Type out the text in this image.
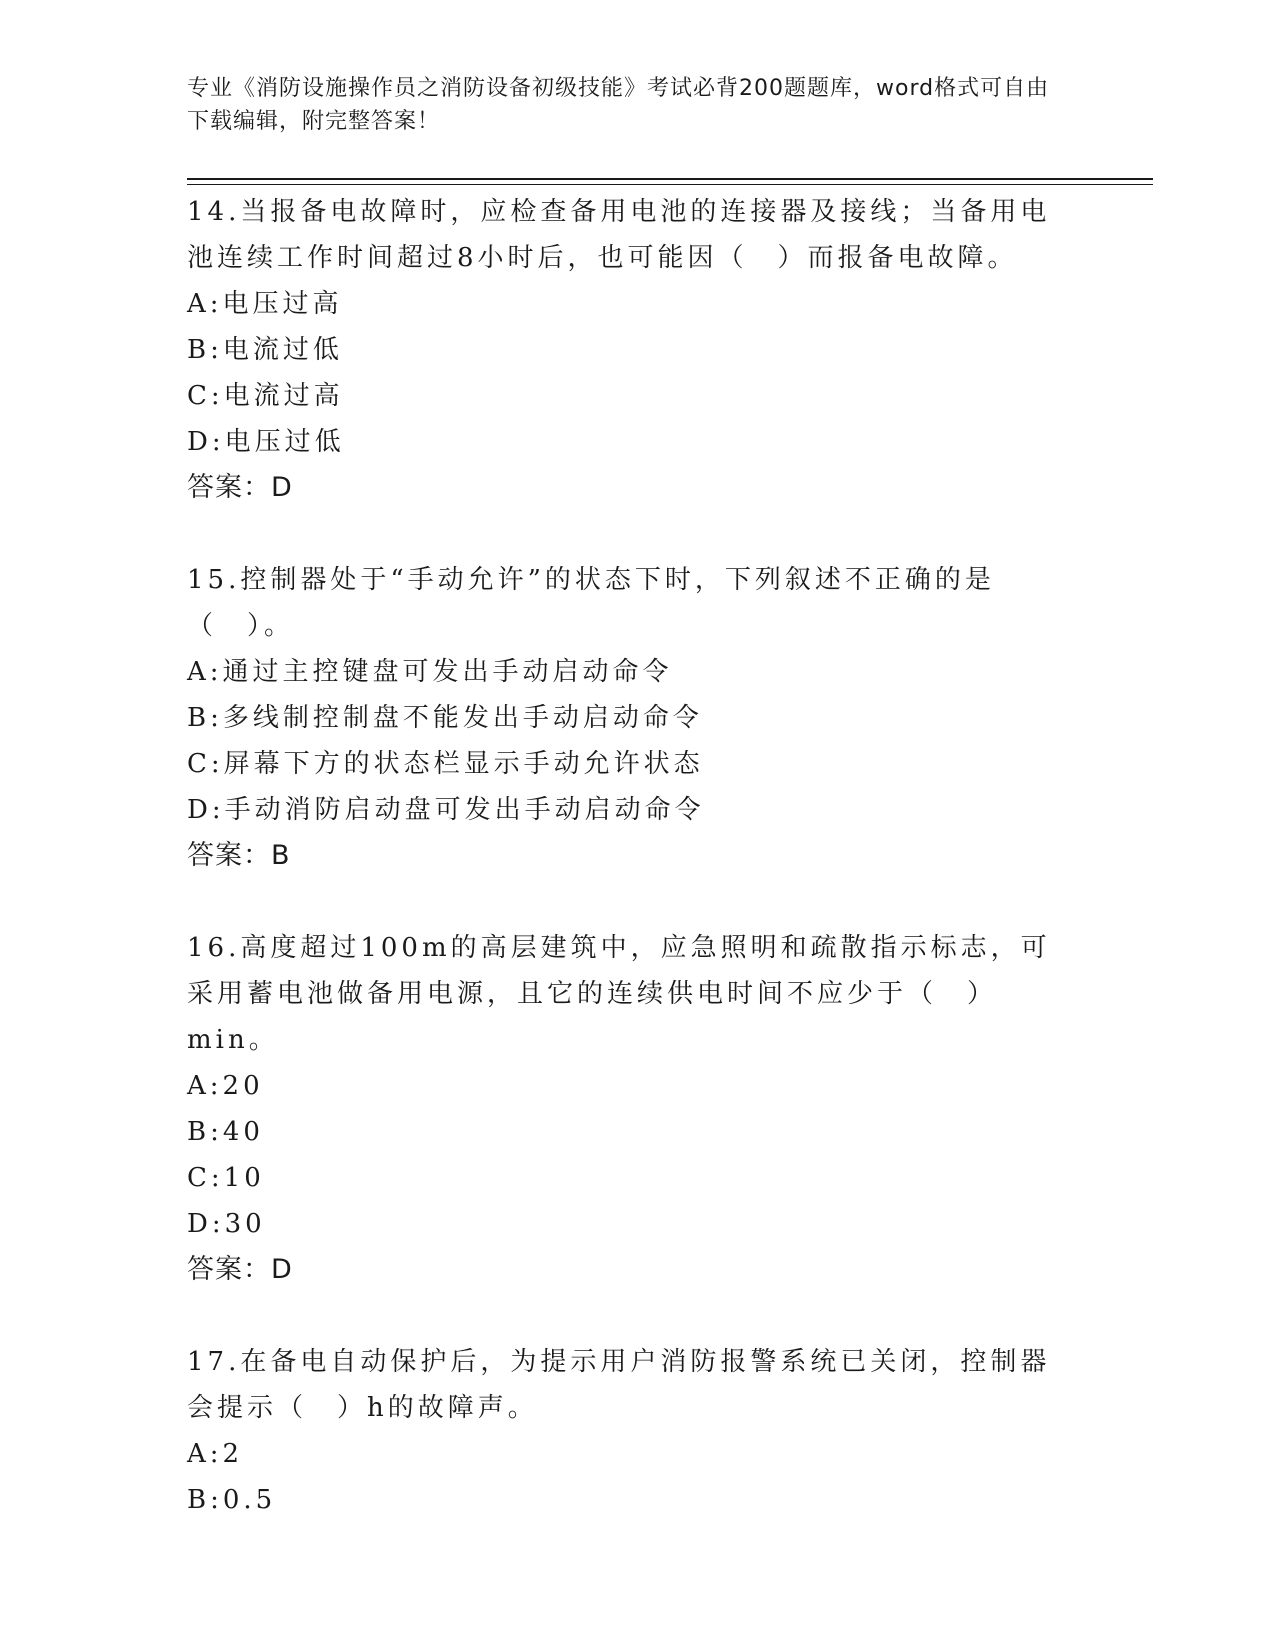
专业《消防设施操作员之消防设备初级技能》考试必背200题题库，word格式可自由下载编辑，附完整答案！

14.当报备电故障时，应检查备用电池的连接器及接线；当备用电池连续工作时间超过8小时后，也可能因（　）而报备电故障。

A:电压过高

B:电流过低

C:电流过高

D:电压过低

答案：D

15.控制器处于“手动允许”的状态下时，下列叙述不正确的是（　）。

A:通过主控键盘可发出手动启动命令

B:多线制控制盘不能发出手动启动命令

C:屏幕下方的状态栏显示手动允许状态

D:手动消防启动盘可发出手动启动命令

答案：B

16.高度超过100m的高层建筑中，应急照明和疏散指示标志，可采用蓄电池做备用电源，且它的连续供电时间不应少于（　）min。

A:20

B:40

C:10

D:30

答案：D

17.在备电自动保护后，为提示用户消防报警系统已关闭，控制器会提示（　）h的故障声。

A:2

B:0.5
